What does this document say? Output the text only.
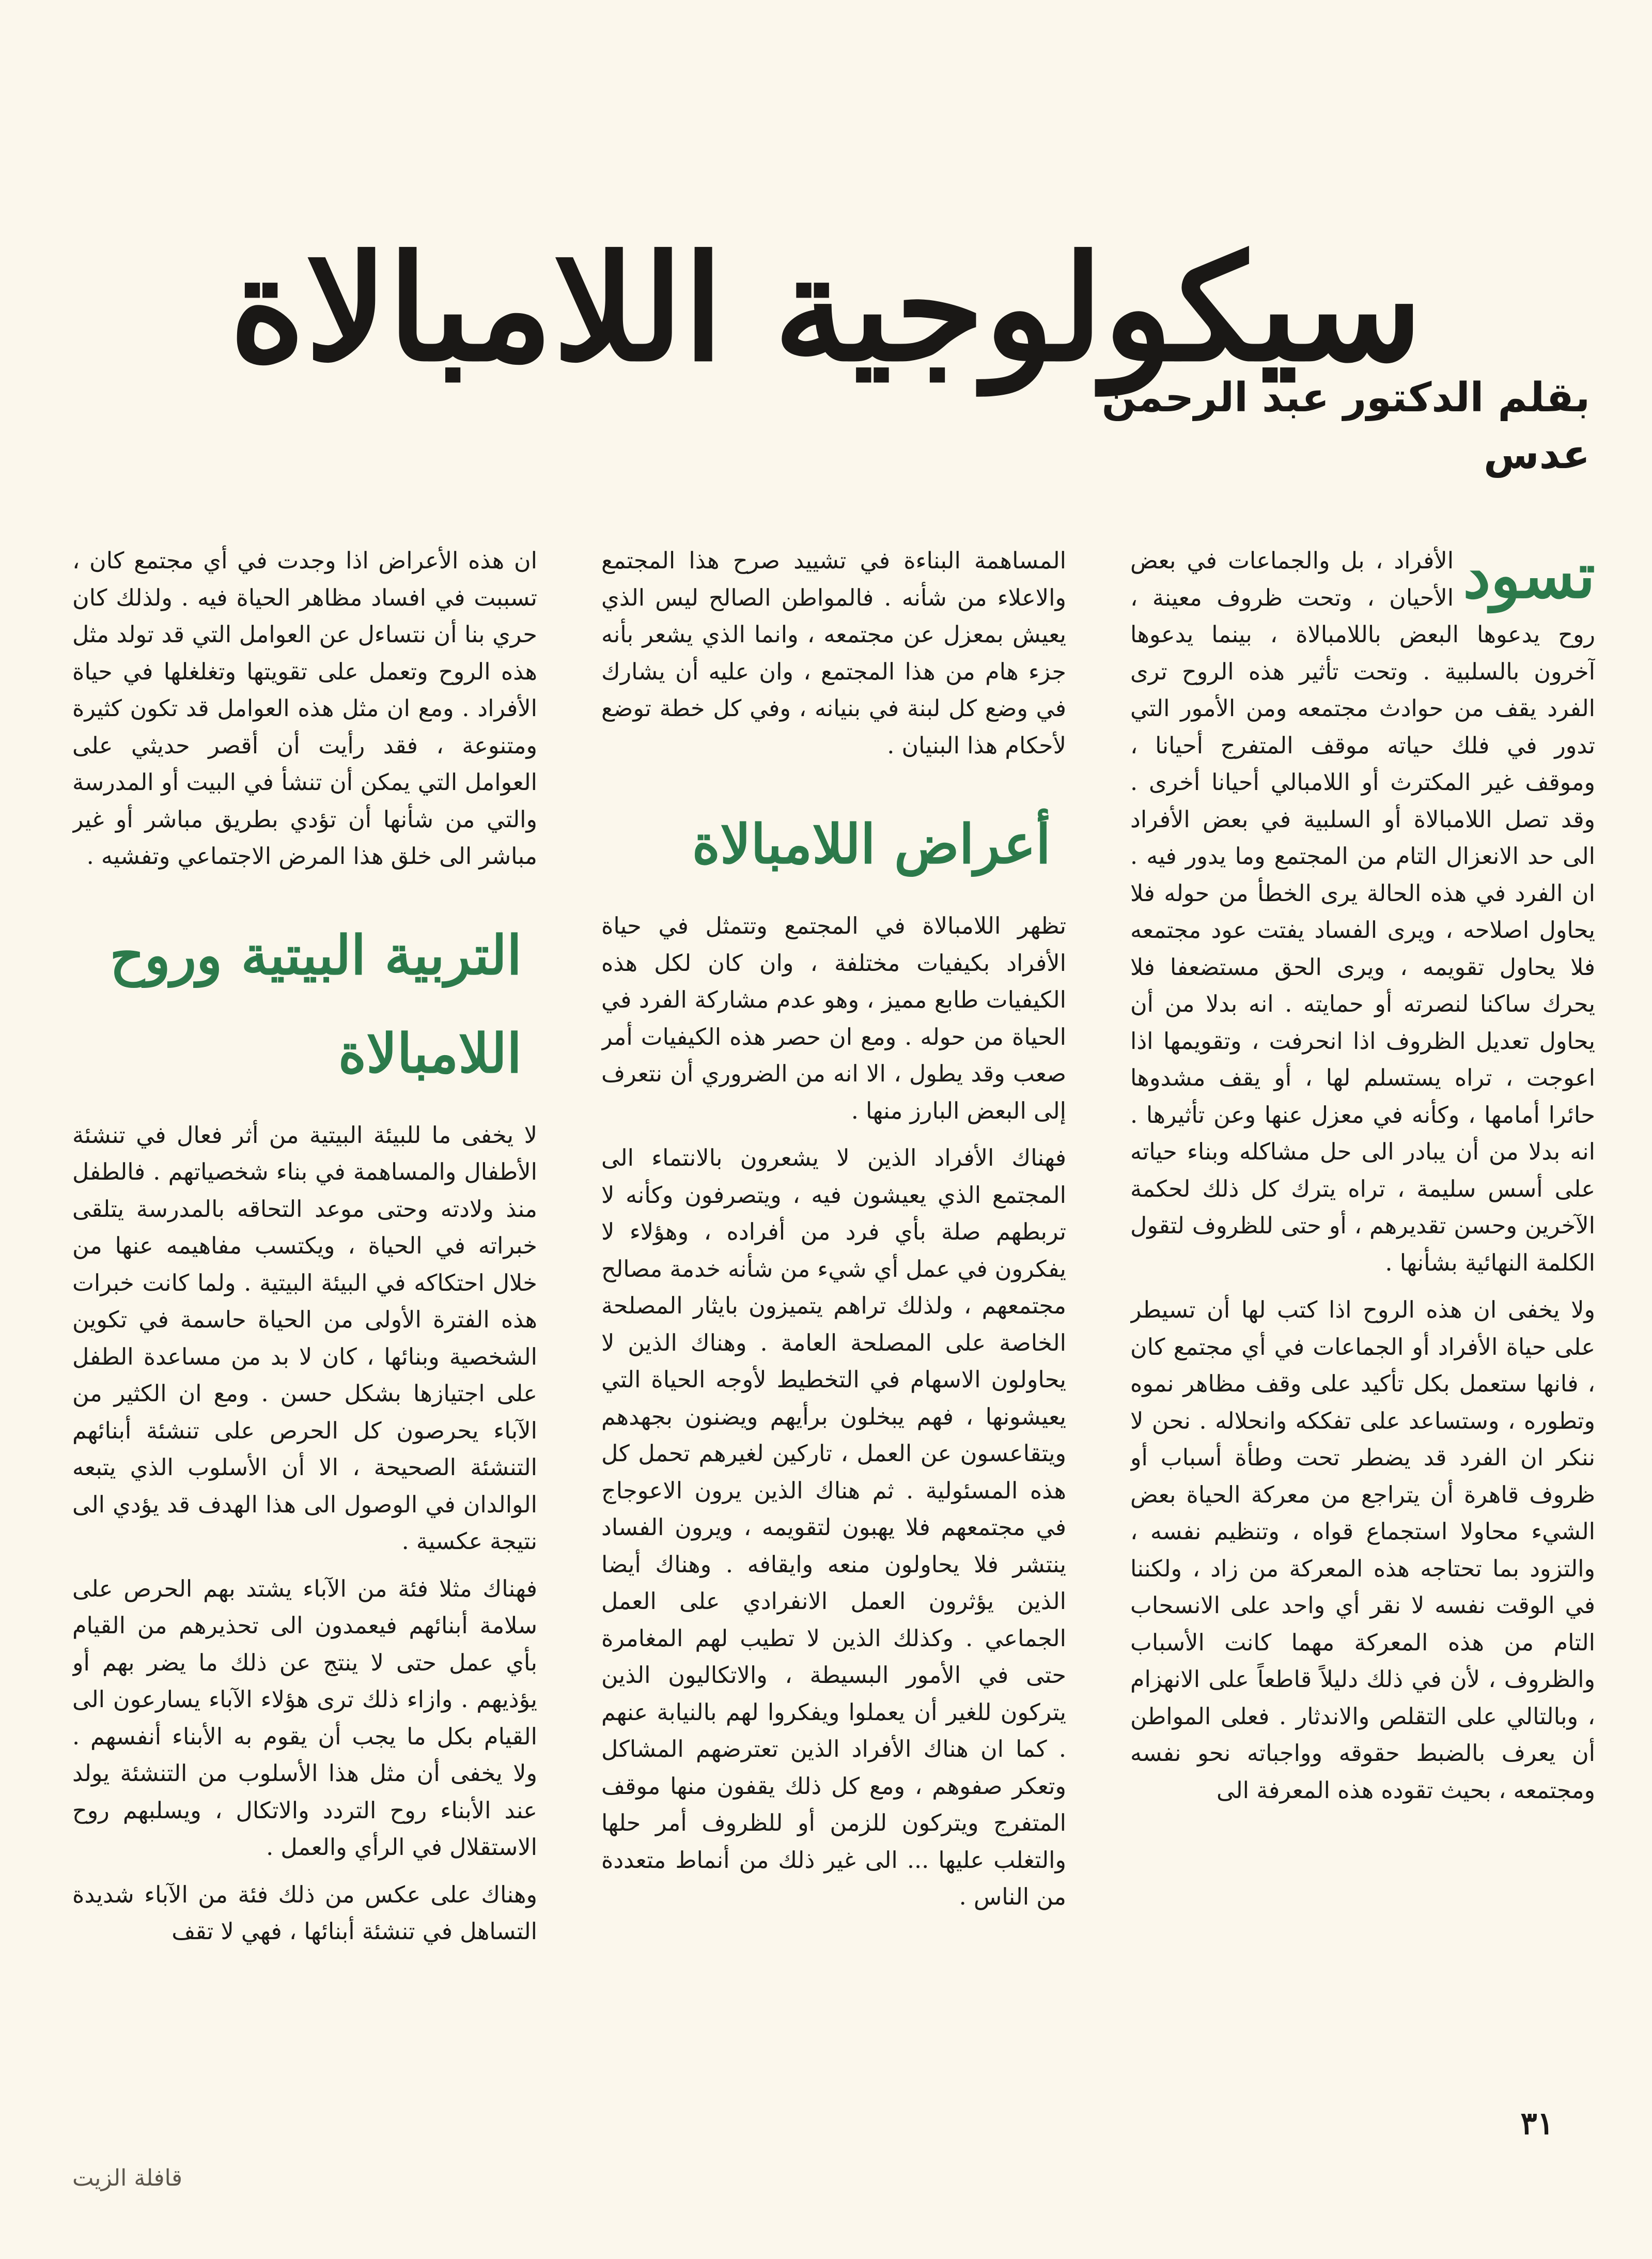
سيكولوجية اللامبالاة
بقلم الدكتور عبد الرحمن عدس

تسود
الأفراد ، بل والجماعات في بعض الأحيان ، وتحت ظروف معينة ، روح يدعوها البعض باللامبالاة ، بينما يدعوها آخرون بالسلبية . وتحت تأثير هذه الروح ترى الفرد يقف من حوادث مجتمعه ومن الأمور التي تدور في فلك حياته موقف المتفرج أحيانا ، وموقف غير المكترث أو اللامبالي أحيانا أخرى . وقد تصل اللامبالاة أو السلبية في بعض الأفراد الى حد الانعزال التام من المجتمع وما يدور فيه . ان الفرد في هذه الحالة يرى الخطأ من حوله فلا يحاول اصلاحه ، ويرى الفساد يفتت عود مجتمعه فلا يحاول تقويمه ، ويرى الحق مستضعفا فلا يحرك ساكنا لنصرته أو حمايته . انه بدلا من أن يحاول تعديل الظروف اذا انحرفت ، وتقويمها اذا اعوجت ، تراه يستسلم لها ، أو يقف مشدوها حائرا أمامها ، وكأنه في معزل عنها وعن تأثيرها . انه بدلا من أن يبادر الى حل مشاكله وبناء حياته على أسس سليمة ، تراه يترك كل ذلك لحكمة الآخرين وحسن تقديرهم ، أو حتى للظروف لتقول الكلمة النهائية بشأنها .

ولا يخفى ان هذه الروح اذا كتب لها أن تسيطر على حياة الأفراد أو الجماعات في أي مجتمع كان ، فانها ستعمل بكل تأكيد على وقف مظاهر نموه وتطوره ، وستساعد على تفككه وانحلاله . نحن لا ننكر ان الفرد قد يضطر تحت وطأة أسباب أو ظروف قاهرة أن يتراجع من معركة الحياة بعض الشيء محاولا استجماع قواه ، وتنظيم نفسه ، والتزود بما تحتاجه هذه المعركة من زاد ، ولكننا في الوقت نفسه لا نقر أي واحد على الانسحاب التام من هذه المعركة مهما كانت الأسباب والظروف ، لأن في ذلك دليلاً قاطعاً على الانهزام ، وبالتالي على التقلص والاندثار . فعلى المواطن أن يعرف بالضبط حقوقه وواجباته نحو نفسه ومجتمعه ، بحيث تقوده هذه المعرفة الى

المساهمة البناءة في تشييد صرح هذا المجتمع والاعلاء من شأنه . فالمواطن الصالح ليس الذي يعيش بمعزل عن مجتمعه ، وانما الذي يشعر بأنه جزء هام من هذا المجتمع ، وان عليه أن يشارك في وضع كل لبنة في بنيانه ، وفي كل خطة توضع لأحكام هذا البنيان .

أعراض اللامبالاة

تظهر اللامبالاة في المجتمع وتتمثل في حياة الأفراد بكيفيات مختلفة ، وان كان لكل هذه الكيفيات طابع مميز ، وهو عدم مشاركة الفرد في الحياة من حوله . ومع ان حصر هذه الكيفيات أمر صعب وقد يطول ، الا انه من الضروري أن نتعرف إلى البعض البارز منها .

فهناك الأفراد الذين لا يشعرون بالانتماء الى المجتمع الذي يعيشون فيه ، ويتصرفون وكأنه لا تربطهم صلة بأي فرد من أفراده ، وهؤلاء لا يفكرون في عمل أي شيء من شأنه خدمة مصالح مجتمعهم ، ولذلك تراهم يتميزون بايثار المصلحة الخاصة على المصلحة العامة . وهناك الذين لا يحاولون الاسهام في التخطيط لأوجه الحياة التي يعيشونها ، فهم يبخلون برأيهم ويضنون بجهدهم ويتقاعسون عن العمل ، تاركين لغيرهم تحمل كل هذه المسئولية . ثم هناك الذين يرون الاعوجاج في مجتمعهم فلا يهبون لتقويمه ، ويرون الفساد ينتشر فلا يحاولون منعه وايقافه . وهناك أيضا الذين يؤثرون العمل الانفرادي على العمل الجماعي . وكذلك الذين لا تطيب لهم المغامرة حتى في الأمور البسيطة ، والاتكاليون الذين يتركون للغير أن يعملوا ويفكروا لهم بالنيابة عنهم . كما ان هناك الأفراد الذين تعترضهم المشاكل وتعكر صفوهم ، ومع كل ذلك يقفون منها موقف المتفرج ويتركون للزمن أو للظروف أمر حلها والتغلب عليها ... الى غير ذلك من أنماط متعددة من الناس .

ان هذه الأعراض اذا وجدت في أي مجتمع كان ، تسببت في افساد مظاهر الحياة فيه . ولذلك كان حري بنا أن نتساءل عن العوامل التي قد تولد مثل هذه الروح وتعمل على تقويتها وتغلغلها في حياة الأفراد . ومع ان مثل هذه العوامل قد تكون كثيرة ومتنوعة ، فقد رأيت أن أقصر حديثي على العوامل التي يمكن أن تنشأ في البيت أو المدرسة والتي من شأنها أن تؤدي بطريق مباشر أو غير مباشر الى خلق هذا المرض الاجتماعي وتفشيه .

التربية البيتية وروح اللامبالاة

لا يخفى ما للبيئة البيتية من أثر فعال في تنشئة الأطفال والمساهمة في بناء شخصياتهم . فالطفل منذ ولادته وحتى موعد التحاقه بالمدرسة يتلقى خبراته في الحياة ، ويكتسب مفاهيمه عنها من خلال احتكاكه في البيئة البيتية . ولما كانت خبرات هذه الفترة الأولى من الحياة حاسمة في تكوين الشخصية وبنائها ، كان لا بد من مساعدة الطفل على اجتيازها بشكل حسن . ومع ان الكثير من الآباء يحرصون كل الحرص على تنشئة أبنائهم التنشئة الصحيحة ، الا أن الأسلوب الذي يتبعه الوالدان في الوصول الى هذا الهدف قد يؤدي الى نتيجة عكسية .

فهناك مثلا فئة من الآباء يشتد بهم الحرص على سلامة أبنائهم فيعمدون الى تحذيرهم من القيام بأي عمل حتى لا ينتج عن ذلك ما يضر بهم أو يؤذيهم . وازاء ذلك ترى هؤلاء الآباء يسارعون الى القيام بكل ما يجب أن يقوم به الأبناء أنفسهم . ولا يخفى أن مثل هذا الأسلوب من التنشئة يولد عند الأبناء روح التردد والاتكال ، ويسلبهم روح الاستقلال في الرأي والعمل .

وهناك على عكس من ذلك فئة من الآباء شديدة التساهل في تنشئة أبنائها ، فهي لا تقف

٣١
قافلة الزيت
